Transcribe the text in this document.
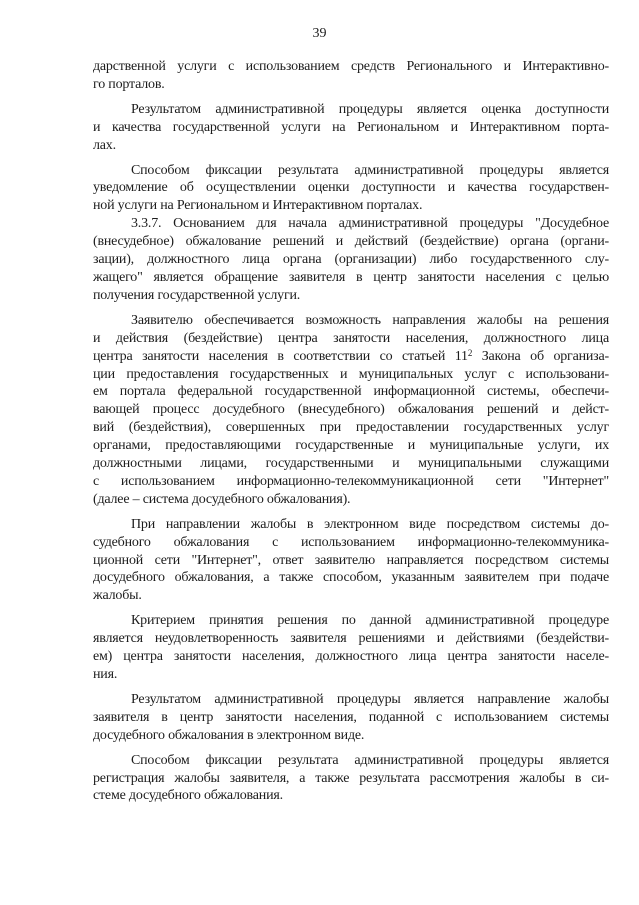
39

дарственной услуги с использованием средств Регионального и Интерактивно-
го порталов.

Результатом административной процедуры является оценка доступности
и качества государственной услуги на Региональном и Интерактивном порта-
лах.

Способом фиксации результата административной процедуры является
уведомление об осуществлении оценки доступности и качества государствен-
ной услуги на Региональном и Интерактивном порталах.

3.3.7. Основанием для начала административной процедуры "Досудебное
(внесудебное) обжалование решений и действий (бездействие) органа (органи-
зации), должностного лица органа (организации) либо государственного слу-
жащего" является обращение заявителя в центр занятости населения с целью
получения государственной услуги.

Заявителю обеспечивается возможность направления жалобы на решения
и действия (бездействие) центра занятости населения, должностного лица
центра занятости населения в соответствии со статьей $11^2$ Закона об организа-
ции предоставления государственных и муниципальных услуг с использовани-
ем портала федеральной государственной информационной системы, обеспечи-
вающей процесс досудебного (внесудебного) обжалования решений и дейст-
вий (бездействия), совершенных при предоставлении государственных услуг
органами, предоставляющими государственные и муниципальные услуги, их
должностными лицами, государственными и муниципальными служащими
с использованием информационно-телекоммуникационной сети "Интернет"
(далее – система досудебного обжалования).

При направлении жалобы в электронном виде посредством системы до-
судебного обжалования с использованием информационно-телекоммуника-
ционной сети "Интернет", ответ заявителю направляется посредством системы
досудебного обжалования, а также способом, указанным заявителем при подаче
жалобы.

Критерием принятия решения по данной административной процедуре
является неудовлетворенность заявителя решениями и действиями (бездействи-
ем) центра занятости населения, должностного лица центра занятости населе-
ния.

Результатом административной процедуры является направление жалобы
заявителя в центр занятости населения, поданной с использованием системы
досудебного обжалования в электронном виде.

Способом фиксации результата административной процедуры является
регистрация жалобы заявителя, а также результата рассмотрения жалобы в си-
стеме досудебного обжалования.
